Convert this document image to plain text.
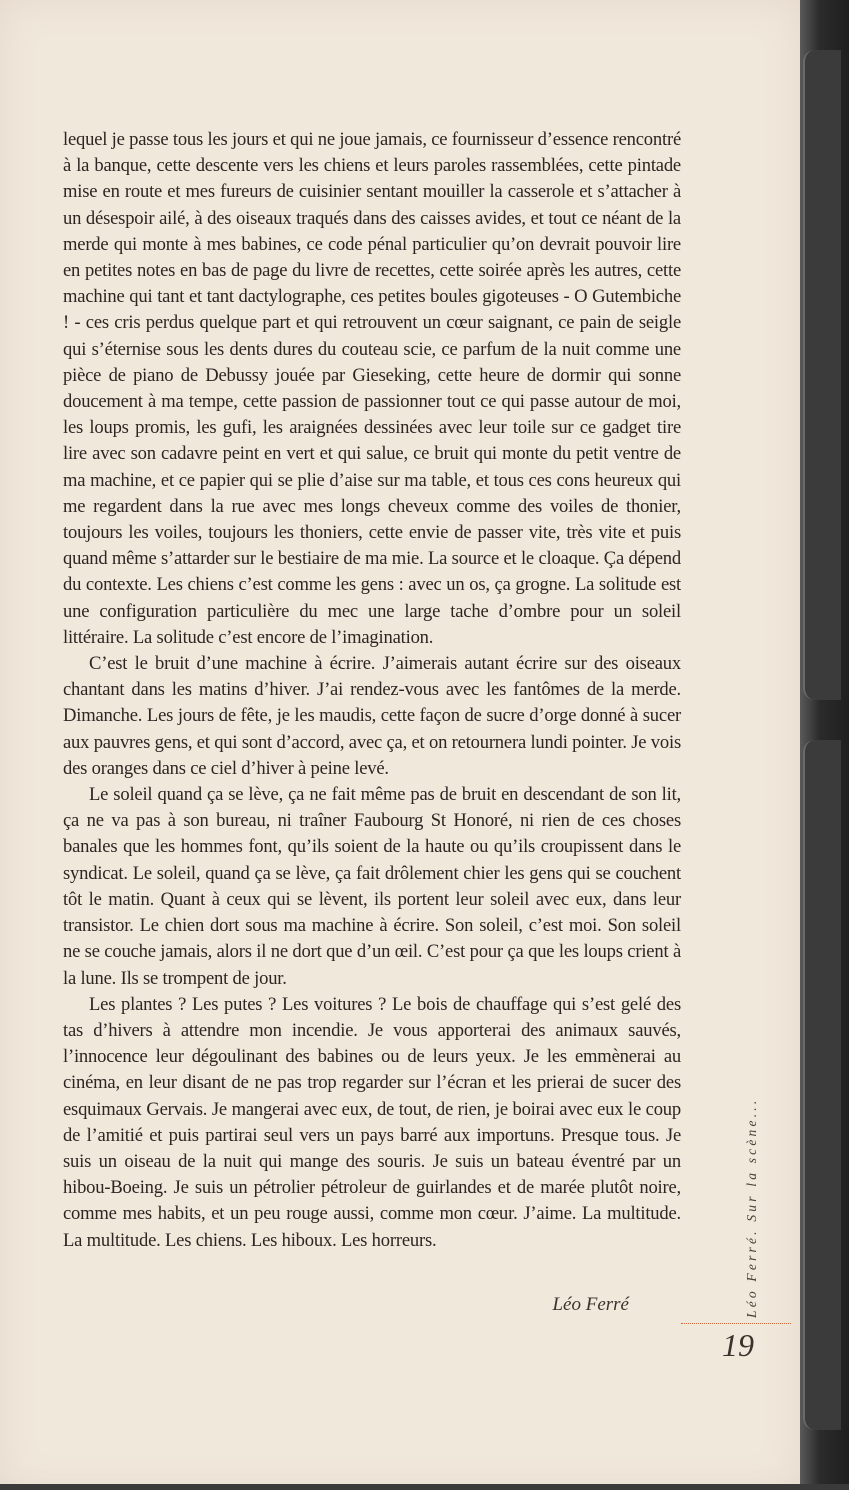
lequel je passe tous les jours et qui ne joue jamais, ce fournisseur d’essence rencontré à la banque, cette descente vers les chiens et leurs paroles rassemblées, cette pintade mise en route et mes fureurs de cuisinier sentant mouiller la casserole et s’attacher à un désespoir ailé, à des oiseaux traqués dans des caisses avides, et tout ce néant de la merde qui monte à mes babines, ce code pénal particulier qu’on devrait pouvoir lire en petites notes en bas de page du livre de recettes, cette soirée après les autres, cette machine qui tant et tant dactylographe, ces petites boules gigoteuses - O Gutembiche ! - ces cris perdus quelque part et qui retrouvent un cœur saignant, ce pain de seigle qui s’éternise sous les dents dures du couteau scie, ce parfum de la nuit comme une pièce de piano de Debussy jouée par Gieseking, cette heure de dormir qui sonne doucement à ma tempe, cette passion de passionner tout ce qui passe autour de moi, les loups promis, les gufi, les araignées dessinées avec leur toile sur ce gadget tire lire avec son cadavre peint en vert et qui salue, ce bruit qui monte du petit ventre de ma machine, et ce papier qui se plie d’aise sur ma table, et tous ces cons heureux qui me regardent dans la rue avec mes longs cheveux comme des voiles de thonier, toujours les voiles, toujours les thoniers, cette envie de passer vite, très vite et puis quand même s’attarder sur le bestiaire de ma mie. La source et le cloaque. Ça dépend du contexte. Les chiens c’est comme les gens : avec un os, ça grogne. La solitude est une configuration particulière du mec une large tache d’ombre pour un soleil littéraire. La solitude c’est encore de l’imagination.

C’est le bruit d’une machine à écrire. J’aimerais autant écrire sur des oiseaux chantant dans les matins d’hiver. J’ai rendez-vous avec les fantômes de la merde. Dimanche. Les jours de fête, je les maudis, cette façon de sucre d’orge donné à sucer aux pauvres gens, et qui sont d’accord, avec ça, et on retournera lundi pointer. Je vois des oranges dans ce ciel d’hiver à peine levé.

Le soleil quand ça se lève, ça ne fait même pas de bruit en descendant de son lit, ça ne va pas à son bureau, ni traîner Faubourg St Honoré, ni rien de ces choses banales que les hommes font, qu’ils soient de la haute ou qu’ils croupissent dans le syndicat. Le soleil, quand ça se lève, ça fait drôlement chier les gens qui se couchent tôt le matin. Quant à ceux qui se lèvent, ils portent leur soleil avec eux, dans leur transistor. Le chien dort sous ma machine à écrire. Son soleil, c’est moi. Son soleil ne se couche jamais, alors il ne dort que d’un œil. C’est pour ça que les loups crient à la lune. Ils se trompent de jour.

Les plantes ? Les putes ? Les voitures ? Le bois de chauffage qui s’est gelé des tas d’hivers à attendre mon incendie. Je vous apporterai des animaux sauvés, l’innocence leur dégoulinant des babines ou de leurs yeux. Je les emmènerai au cinéma, en leur disant de ne pas trop regarder sur l’écran et les prierai de sucer des esquimaux Gervais. Je mangerai avec eux, de tout, de rien, je boirai avec eux le coup de l’amitié et puis partirai seul vers un pays barré aux importuns. Presque tous. Je suis un oiseau de la nuit qui mange des souris. Je suis un bateau éventré par un hibou-Boeing. Je suis un pétrolier pétroleur de guirlandes et de marée plutôt noire, comme mes habits, et un peu rouge aussi, comme mon cœur. J’aime. La multitude. La multitude. Les chiens. Les hiboux. Les horreurs.

Léo Ferré	Léo Ferré. Sur la scène...
19
